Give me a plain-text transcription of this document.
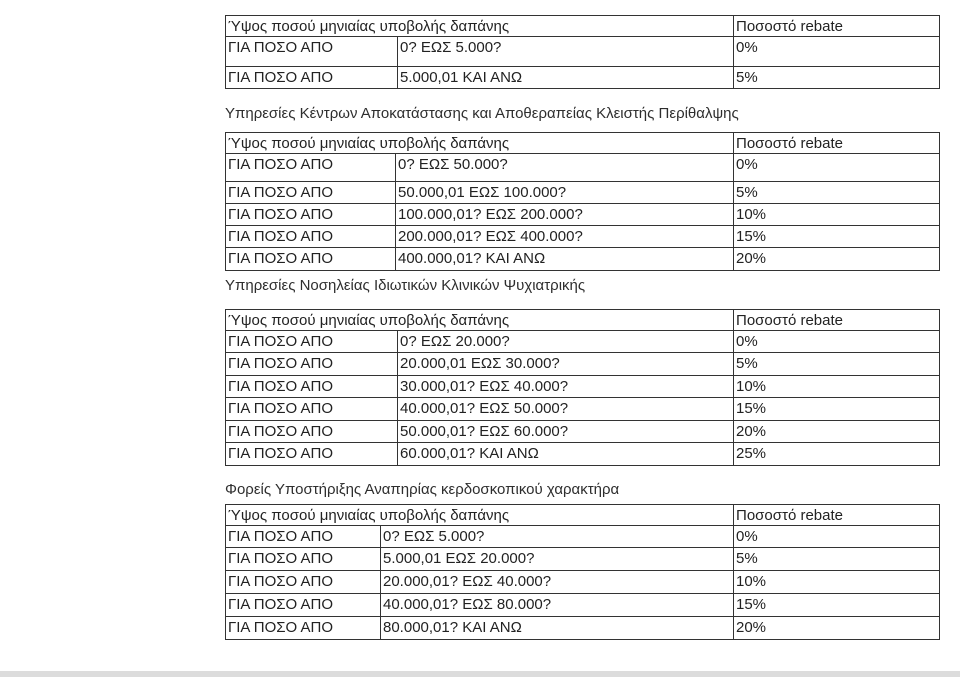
Ύψος ποσού μηνιαίας υποβολής δαπάνης		Ποσοστό rebate
ΓΙΑ ΠΟΣΟ ΑΠΟ	0? ΕΩΣ 5.000?	0%
ΓΙΑ ΠΟΣΟ ΑΠΟ	5.000,01 ΚΑΙ ΑΝΩ	5%

Υπηρεσίες Κέντρων Αποκατάστασης και Αποθεραπείας Κλειστής Περίθαλψης

Ύψος ποσού μηνιαίας υποβολής δαπάνης		Ποσοστό rebate
ΓΙΑ ΠΟΣΟ ΑΠΟ	0? ΕΩΣ 50.000?	0%
ΓΙΑ ΠΟΣΟ ΑΠΟ	50.000,01 ΕΩΣ 100.000?	5%
ΓΙΑ ΠΟΣΟ ΑΠΟ	100.000,01? ΕΩΣ 200.000?	10%
ΓΙΑ ΠΟΣΟ ΑΠΟ	200.000,01? ΕΩΣ 400.000?	15%
ΓΙΑ ΠΟΣΟ ΑΠΟ	400.000,01? ΚΑΙ ΑΝΩ	20%

Υπηρεσίες Νοσηλείας Ιδιωτικών Κλινικών Ψυχιατρικής

Ύψος ποσού μηνιαίας υποβολής δαπάνης		Ποσοστό rebate
ΓΙΑ ΠΟΣΟ ΑΠΟ	0? ΕΩΣ 20.000?	0%
ΓΙΑ ΠΟΣΟ ΑΠΟ	20.000,01 ΕΩΣ 30.000?	5%
ΓΙΑ ΠΟΣΟ ΑΠΟ	30.000,01? ΕΩΣ 40.000?	10%
ΓΙΑ ΠΟΣΟ ΑΠΟ	40.000,01? ΕΩΣ 50.000?	15%
ΓΙΑ ΠΟΣΟ ΑΠΟ	50.000,01? ΕΩΣ 60.000?	20%
ΓΙΑ ΠΟΣΟ ΑΠΟ	60.000,01? ΚΑΙ ΑΝΩ	25%

Φορείς Υποστήριξης Αναπηρίας κερδοσκοπικού χαρακτήρα

Ύψος ποσού μηνιαίας υποβολής δαπάνης		Ποσοστό rebate
ΓΙΑ ΠΟΣΟ ΑΠΟ	0? ΕΩΣ 5.000?	0%
ΓΙΑ ΠΟΣΟ ΑΠΟ	5.000,01 ΕΩΣ 20.000?	5%
ΓΙΑ ΠΟΣΟ ΑΠΟ	20.000,01? ΕΩΣ 40.000?	10%
ΓΙΑ ΠΟΣΟ ΑΠΟ	40.000,01? ΕΩΣ 80.000?	15%
ΓΙΑ ΠΟΣΟ ΑΠΟ	80.000,01? ΚΑΙ ΑΝΩ	20%
